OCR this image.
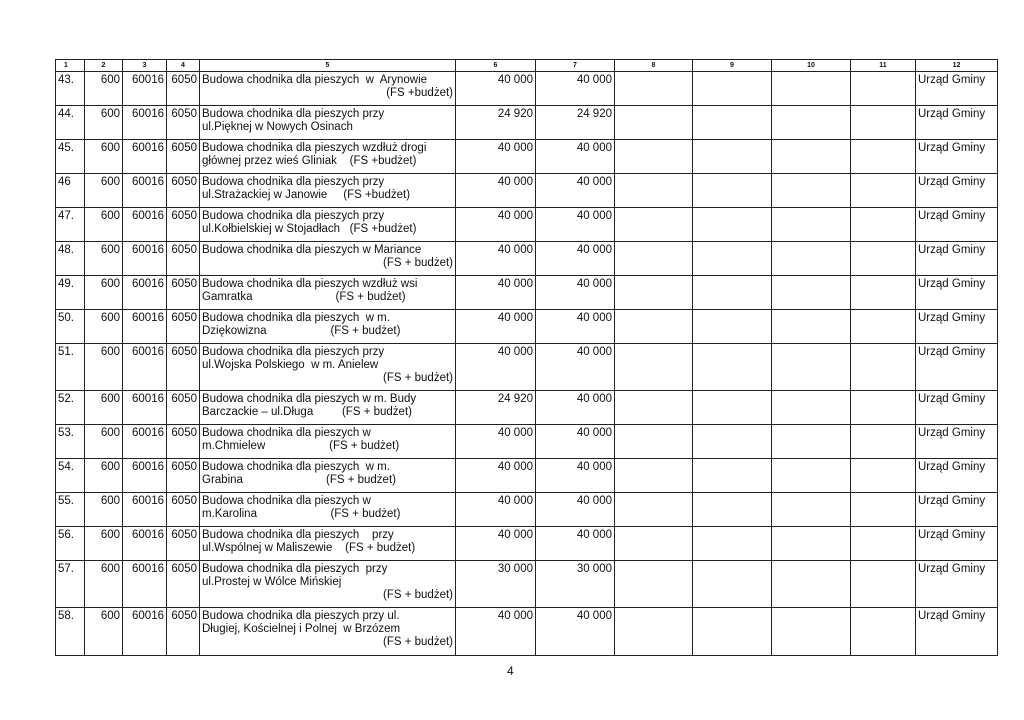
1	2	3	4	5	6	7	8	9	10	11	12
43.	600	60016	6050	Budowa chodnika dla pieszych  w  Arynowie
(FS +budżet)	40 000	40 000					Urząd Gminy
44.	600	60016	6050	Budowa chodnika dla pieszych przy
ul.Pięknej w Nowych Osinach	24 920	24 920					Urząd Gminy
45.	600	60016	6050	Budowa chodnika dla pieszych wzdłuż drogi
głównej przez wieś Gliniak    (FS +budżet)	40 000	40 000					Urząd Gminy
46	600	60016	6050	Budowa chodnika dla pieszych przy
ul.Strażackiej w Janowie     (FS +budżet)	40 000	40 000					Urząd Gminy
47.	600	60016	6050	Budowa chodnika dla pieszych przy
ul.Kołbielskiej w Stojadłach   (FS +budżet)	40 000	40 000					Urząd Gminy
48.	600	60016	6050	Budowa chodnika dla pieszych w Mariance
(FS + budżet)	40 000	40 000					Urząd Gminy
49.	600	60016	6050	Budowa chodnika dla pieszych wzdłuż wsi
Gamratka                          (FS + budżet)	40 000	40 000					Urząd Gminy
50.	600	60016	6050	Budowa chodnika dla pieszych  w m.
Dziękowizna                    (FS + budżet)	40 000	40 000					Urząd Gminy
51.	600	60016	6050	Budowa chodnika dla pieszych przy
ul.Wojska Polskiego  w m. Anielew
(FS + budżet)	40 000	40 000					Urząd Gminy
52.	600	60016	6050	Budowa chodnika dla pieszych w m. Budy
Barczackie – ul.Długa         (FS + budżet)	24 920	40 000					Urząd Gminy
53.	600	60016	6050	Budowa chodnika dla pieszych w
m.Chmielew                    (FS + budżet)	40 000	40 000					Urząd Gminy
54.	600	60016	6050	Budowa chodnika dla pieszych  w m.
Grabina                          (FS + budżet)	40 000	40 000					Urząd Gminy
55.	600	60016	6050	Budowa chodnika dla pieszych w
m.Karolina                       (FS + budżet)	40 000	40 000					Urząd Gminy
56.	600	60016	6050	Budowa chodnika dla pieszych    przy
ul.Wspólnej w Maliszewie    (FS + budżet)	40 000	40 000					Urząd Gminy
57.	600	60016	6050	Budowa chodnika dla pieszych  przy
ul.Prostej w Wólce Mińskiej
(FS + budżet)	30 000	30 000					Urząd Gminy
58.	600	60016	6050	Budowa chodnika dla pieszych przy ul.
Długiej, Kościelnej i Polnej  w Brzózem
(FS + budżet)	40 000	40 000					Urząd Gminy
4
